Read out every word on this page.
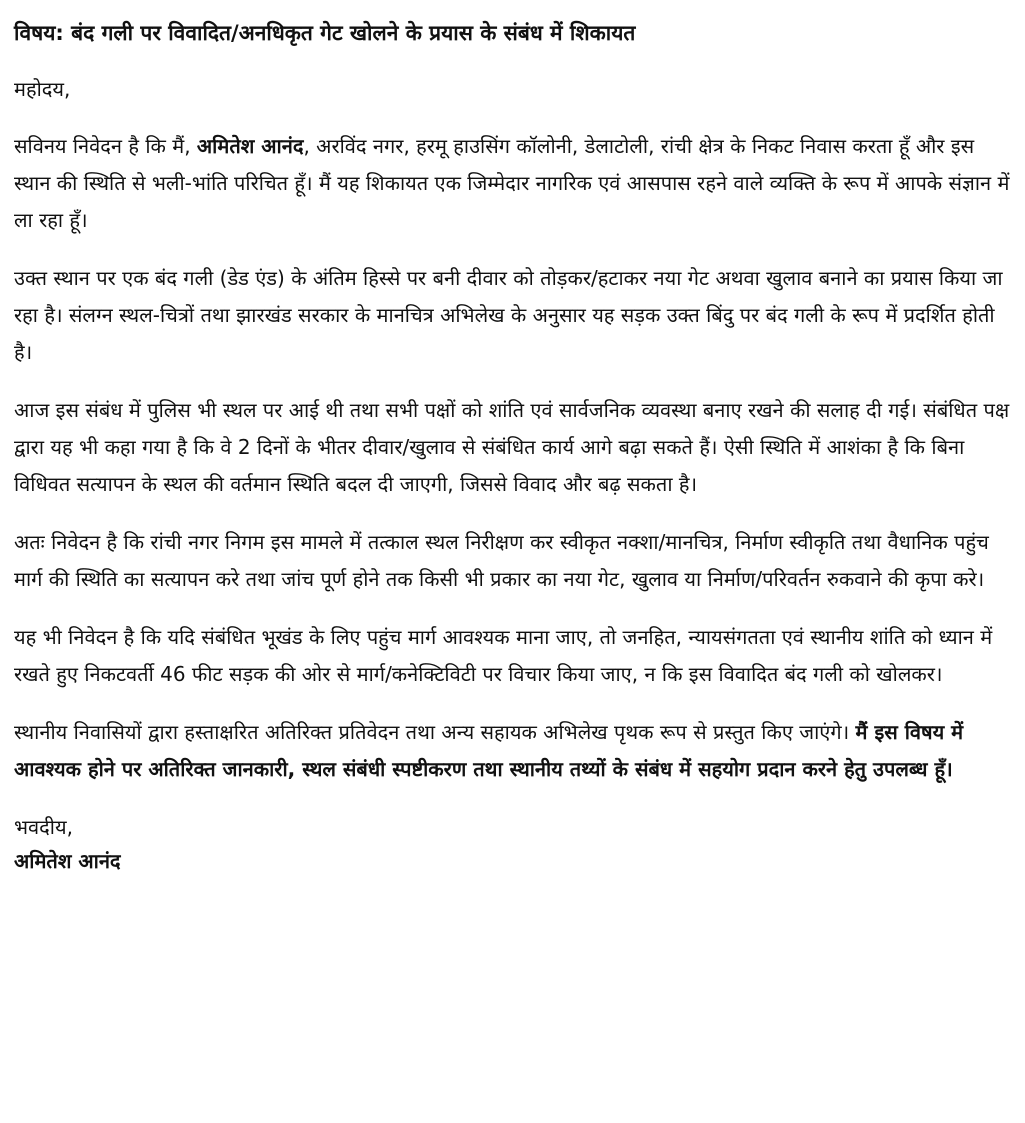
विषय: बंद गली पर विवादित/अनधिकृत गेट खोलने के प्रयास के संबंध में शिकायत

महोदय,

सविनय निवेदन है कि मैं, अमितेश आनंद, अरविंद नगर, हरमू हाउसिंग कॉलोनी, डेलाटोली, रांची क्षेत्र के निकट निवास करता हूँ और इस स्थान की स्थिति से भली-भांति परिचित हूँ। मैं यह शिकायत एक जिम्मेदार नागरिक एवं आसपास रहने वाले व्यक्ति के रूप में आपके संज्ञान में ला रहा हूँ।

उक्त स्थान पर एक बंद गली (डेड एंड) के अंतिम हिस्से पर बनी दीवार को तोड़कर/हटाकर नया गेट अथवा खुलाव बनाने का प्रयास किया जा रहा है। संलग्न स्थल-चित्रों तथा झारखंड सरकार के मानचित्र अभिलेख के अनुसार यह सड़क उक्त बिंदु पर बंद गली के रूप में प्रदर्शित होती है।

आज इस संबंध में पुलिस भी स्थल पर आई थी तथा सभी पक्षों को शांति एवं सार्वजनिक व्यवस्था बनाए रखने की सलाह दी गई। संबंधित पक्ष द्वारा यह भी कहा गया है कि वे 2 दिनों के भीतर दीवार/खुलाव से संबंधित कार्य आगे बढ़ा सकते हैं। ऐसी स्थिति में आशंका है कि बिना विधिवत सत्यापन के स्थल की वर्तमान स्थिति बदल दी जाएगी, जिससे विवाद और बढ़ सकता है।

अतः निवेदन है कि रांची नगर निगम इस मामले में तत्काल स्थल निरीक्षण कर स्वीकृत नक्शा/मानचित्र, निर्माण स्वीकृति तथा वैधानिक पहुंच मार्ग की स्थिति का सत्यापन करे तथा जांच पूर्ण होने तक किसी भी प्रकार का नया गेट, खुलाव या निर्माण/परिवर्तन रुकवाने की कृपा करे।

यह भी निवेदन है कि यदि संबंधित भूखंड के लिए पहुंच मार्ग आवश्यक माना जाए, तो जनहित, न्यायसंगतता एवं स्थानीय शांति को ध्यान में रखते हुए निकटवर्ती 46 फीट सड़क की ओर से मार्ग/कनेक्टिविटी पर विचार किया जाए, न कि इस विवादित बंद गली को खोलकर।

स्थानीय निवासियों द्वारा हस्ताक्षरित अतिरिक्त प्रतिवेदन तथा अन्य सहायक अभिलेख पृथक रूप से प्रस्तुत किए जाएंगे। मैं इस विषय में आवश्यक होने पर अतिरिक्त जानकारी, स्थल संबंधी स्पष्टीकरण तथा स्थानीय तथ्यों के संबंध में सहयोग प्रदान करने हेतु उपलब्ध हूँ।

भवदीय,

अमितेश आनंद
